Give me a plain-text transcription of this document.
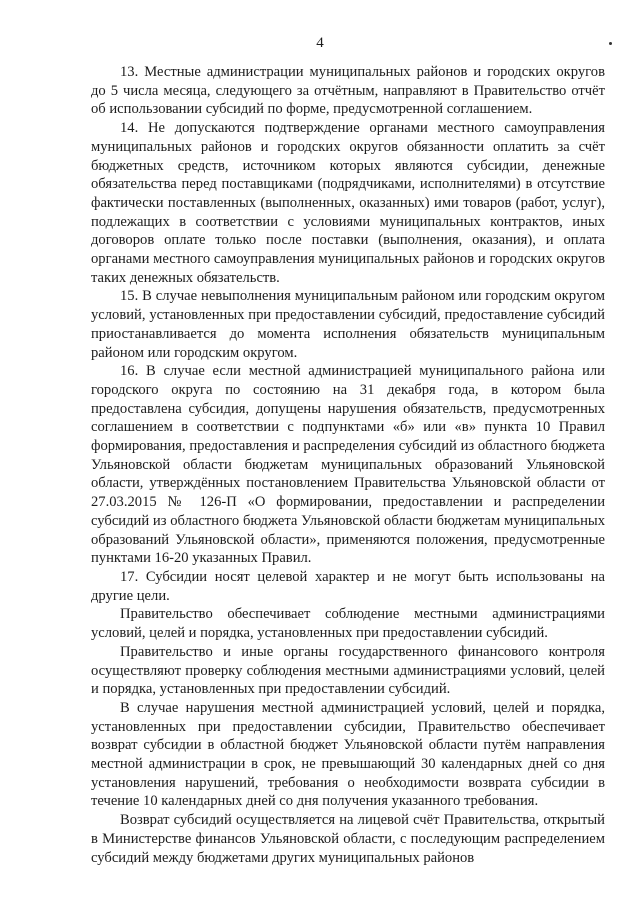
4

13. Местные администрации муниципальных районов и городских округов до 5 числа месяца, следующего за отчётным, направляют в Правительство отчёт об использовании субсидий по форме, предусмотренной соглашением.

14. Не допускаются подтверждение органами местного самоуправления муниципальных районов и городских округов обязанности оплатить за счёт бюджетных средств, источником которых являются субсидии, денежные обязательства перед поставщиками (подрядчиками, исполнителями) в отсутствие фактически поставленных (выполненных, оказанных) ими товаров (работ, услуг), подлежащих в соответствии с условиями муниципальных контрактов, иных договоров оплате только после поставки (выполнения, оказания), и оплата органами местного самоуправления муниципальных районов и городских округов таких денежных обязательств.

15. В случае невыполнения муниципальным районом или городским округом условий, установленных при предоставлении субсидий, предоставление субсидий приостанавливается до момента исполнения обязательств муниципальным районом или городским округом.

16. В случае если местной администрацией муниципального района или городского округа по состоянию на 31 декабря года, в котором была предоставлена субсидия, допущены нарушения обязательств, предусмотренных соглашением в соответствии с подпунктами «б» или «в» пункта 10 Правил формирования, предоставления и распределения субсидий из областного бюджета Ульяновской области бюджетам муниципальных образований Ульяновской области, утверждённых постановлением Правительства Ульяновской области от 27.03.2015 № 126-П «О формировании, предоставлении и распределении субсидий из областного бюджета Ульяновской области бюджетам муниципальных образований Ульяновской области», применяются положения, предусмотренные пунктами 16-20 указанных Правил.

17. Субсидии носят целевой характер и не могут быть использованы на другие цели.

Правительство обеспечивает соблюдение местными администрациями условий, целей и порядка, установленных при предоставлении субсидий.

Правительство и иные органы государственного финансового контроля осуществляют проверку соблюдения местными администрациями условий, целей и порядка, установленных при предоставлении субсидий.

В случае нарушения местной администрацией условий, целей и порядка, установленных при предоставлении субсидии, Правительство обеспечивает возврат субсидии в областной бюджет Ульяновской области путём направления местной администрации в срок, не превышающий 30 календарных дней со дня установления нарушений, требования о необходимости возврата субсидии в течение 10 календарных дней со дня получения указанного требования.

Возврат субсидий осуществляется на лицевой счёт Правительства, открытый в Министерстве финансов Ульяновской области, с последующим распределением субсидий между бюджетами других муниципальных районов
